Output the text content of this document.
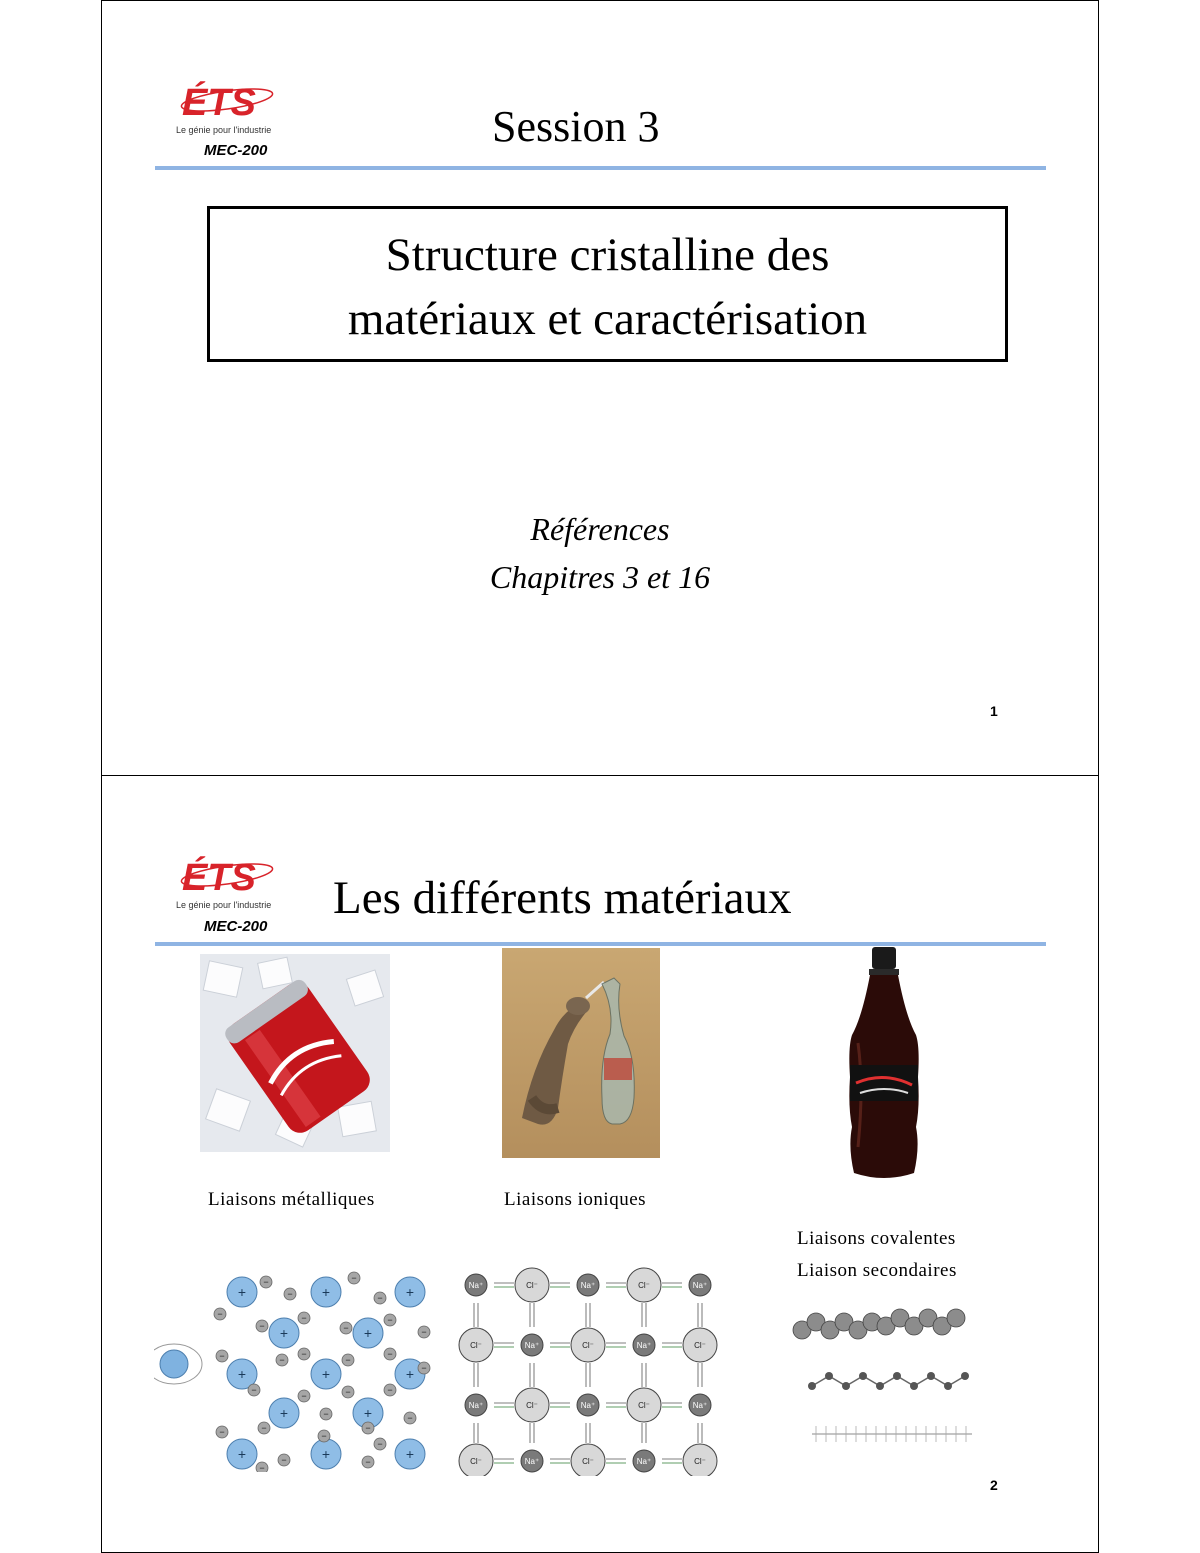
ÉTS
Le génie pour l'industrie
MEC-200	Session 3
Structure cristalline des
matériaux et caractérisation
Références
Chapitres 3 et 16
1
ÉTS
Le génie pour l'industrie
MEC-200
Les différents matériaux
Liaisons métalliques	Liaisons ioniques
Liaisons covalentes
Liaison secondaires
+	+	+
+	+	+
+	+	+
+	+
+	+
−
−
−
−
−
−
−
−
−
−
−	−
−
−
−
−
−
−
−
−	−
−	−
−
−
−
−	−
−
−
Na⁺	Cl⁻	Na⁺	Cl⁻	Na⁺
Cl⁻	Na⁺	Cl⁻	Na⁺	Cl⁻
Na⁺	Cl⁻	Na⁺	Cl⁻	Na⁺
Cl⁻	Na⁺	Cl⁻	Na⁺	Cl⁻
2
